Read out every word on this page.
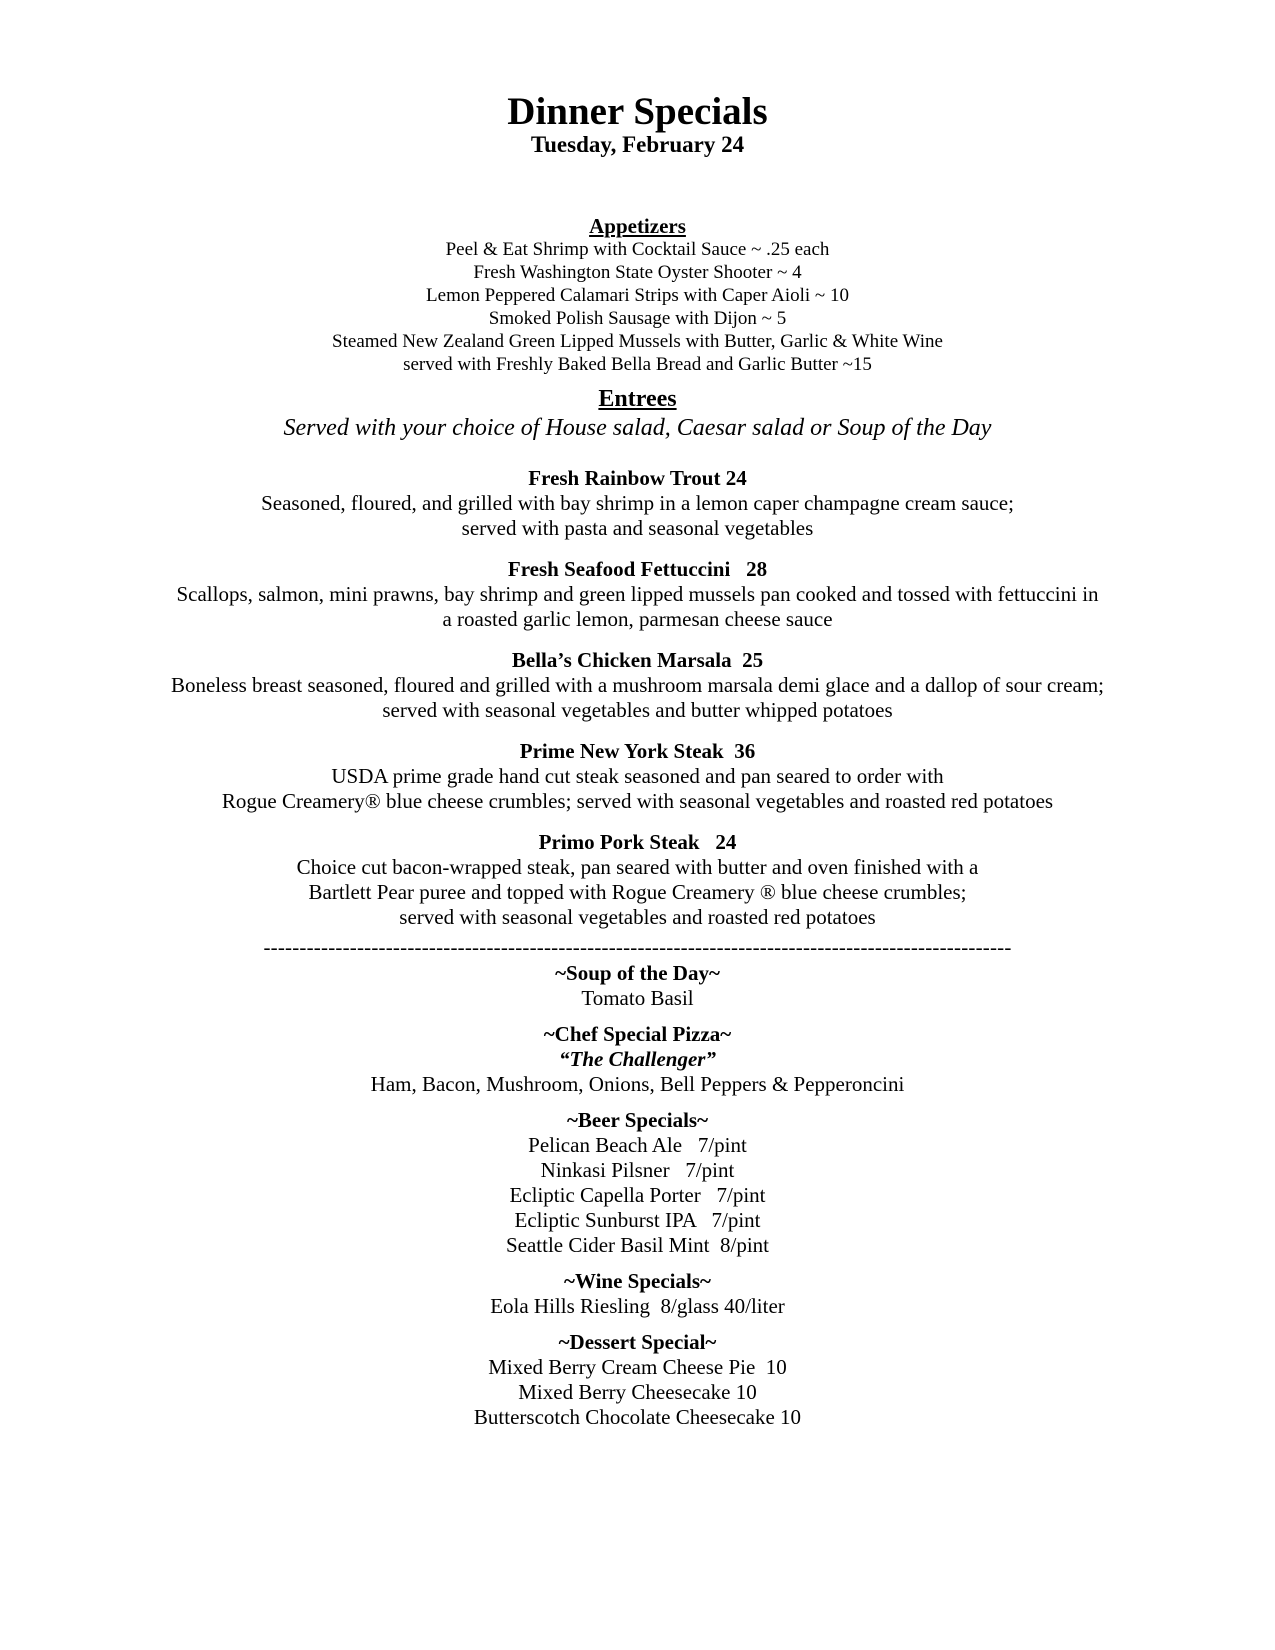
Dinner Specials
Tuesday, February 24
Appetizers
Peel & Eat Shrimp with Cocktail Sauce ~ .25 each
Fresh Washington State Oyster Shooter ~ 4
Lemon Peppered Calamari Strips with Caper Aioli ~ 10
Smoked Polish Sausage with Dijon ~ 5
Steamed New Zealand Green Lipped Mussels with Butter, Garlic & White Wine
served with Freshly Baked Bella Bread and Garlic Butter ~15
Entrees
Served with your choice of House salad, Caesar salad or Soup of the Day
Fresh Rainbow Trout 24
Seasoned, floured, and grilled with bay shrimp in a lemon caper champagne cream sauce;
served with pasta and seasonal vegetables
Fresh Seafood Fettuccini   28
Scallops, salmon, mini prawns, bay shrimp and green lipped mussels pan cooked and tossed with fettuccini in
a roasted garlic lemon, parmesan cheese sauce
Bella’s Chicken Marsala  25
Boneless breast seasoned, floured and grilled with a mushroom marsala demi glace and a dallop of sour cream;
served with seasonal vegetables and butter whipped potatoes
Prime New York Steak  36
USDA prime grade hand cut steak seasoned and pan seared to order with
Rogue Creamery® blue cheese crumbles; served with seasonal vegetables and roasted red potatoes
Primo Pork Steak   24
Choice cut bacon-wrapped steak, pan seared with butter and oven finished with a
Bartlett Pear puree and topped with Rogue Creamery ® blue cheese crumbles;
served with seasonal vegetables and roasted red potatoes
--------------------------------------------------------------------------------------------------------
~Soup of the Day~
Tomato Basil
~Chef Special Pizza~
“The Challenger”
Ham, Bacon, Mushroom, Onions, Bell Peppers & Pepperoncini
~Beer Specials~
Pelican Beach Ale   7/pint
Ninkasi Pilsner   7/pint
Ecliptic Capella Porter   7/pint
Ecliptic Sunburst IPA   7/pint
Seattle Cider Basil Mint  8/pint
~Wine Specials~
Eola Hills Riesling  8/glass 40/liter
~Dessert Special~
Mixed Berry Cream Cheese Pie  10
Mixed Berry Cheesecake 10
Butterscotch Chocolate Cheesecake 10
